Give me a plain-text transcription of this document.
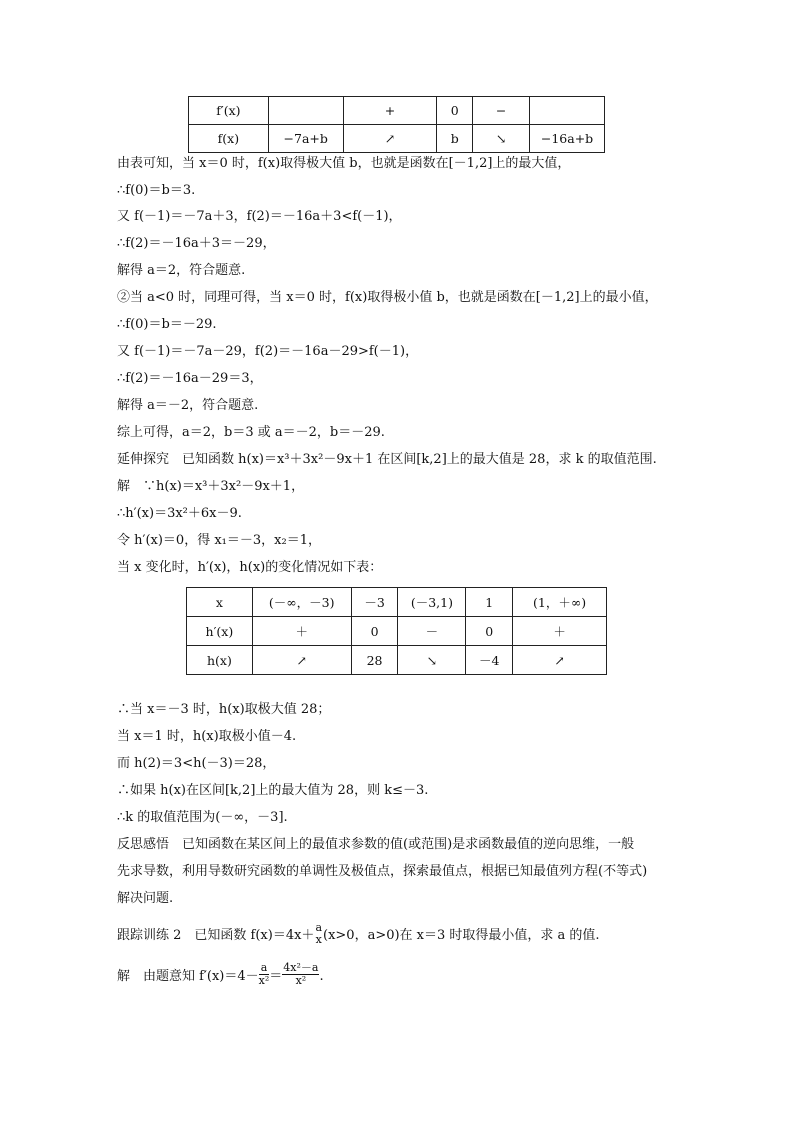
f′(x)		+	0	−	
f(x)	−7a+b	↗	b	↘	−16a+b
由表可知，当 x＝0 时，f(x)取得极大值 b，也就是函数在[－1,2]上的最大值，
∴f(0)＝b＝3.
又 f(－1)＝－7a＋3，f(2)＝－16a＋3<f(－1)，
∴f(2)＝－16a＋3＝－29，
解得 a＝2，符合题意.
②当 a<0 时，同理可得，当 x＝0 时，f(x)取得极小值 b，也就是函数在[－1,2]上的最小值，
∴f(0)＝b＝－29.
又 f(－1)＝－7a－29，f(2)＝－16a－29>f(－1)，
∴f(2)＝－16a－29＝3，
解得 a＝－2，符合题意.
综上可得，a＝2，b＝3 或 a＝－2，b＝－29.
延伸探究　已知函数 h(x)＝x³＋3x²－9x＋1 在区间[k,2]上的最大值是 28，求 k 的取值范围.
解　∵h(x)＝x³＋3x²－9x＋1，
∴h′(x)＝3x²＋6x－9.
令 h′(x)＝0，得 x₁＝－3，x₂＝1，
当 x 变化时，h′(x)，h(x)的变化情况如下表：
x	(－∞，－3)	－3	(－3,1)	1	(1，＋∞)
h′(x)	＋	0	－	0	＋
h(x)	↗	28	↘	－4	↗
∴当 x＝－3 时，h(x)取极大值 28；
当 x＝1 时，h(x)取极小值－4.
而 h(2)＝3<h(－3)＝28，
∴如果 h(x)在区间[k,2]上的最大值为 28，则 k≤－3.
∴k 的取值范围为(－∞，－3].
反思感悟　已知函数在某区间上的最值求参数的值(或范围)是求函数最值的逆向思维，一般
先求导数，利用导数研究函数的单调性及极值点，探索最值点，根据已知最值列方程(不等式)
解决问题.
跟踪训练 2　已知函数 f(x)＝4x＋
a
x (x>0，a>0)在 x＝3 时取得最小值，求 a 的值.
解　由题意知 $f'(x)=4- \frac{a}{\text{x²}} = \frac{\text{4x²－a}}{\text{x²}}$ .
